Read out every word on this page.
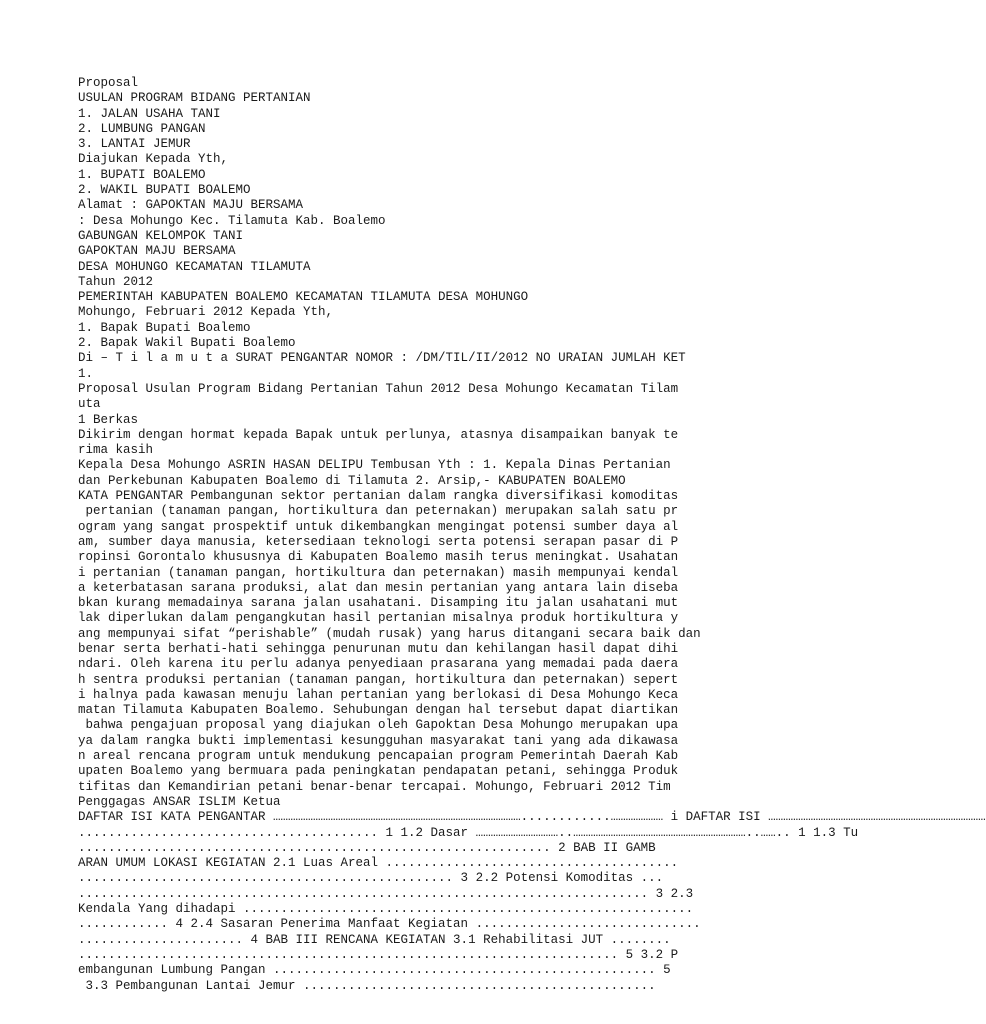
Proposal
USULAN PROGRAM BIDANG PERTANIAN
1. JALAN USAHA TANI
2. LUMBUNG PANGAN
3. LANTAI JEMUR
Diajukan Kepada Yth,
1. BUPATI BOALEMO
2. WAKIL BUPATI BOALEMO
Alamat : GAPOKTAN MAJU BERSAMA
: Desa Mohungo Kec. Tilamuta Kab. Boalemo
GABUNGAN KELOMPOK TANI
GAPOKTAN MAJU BERSAMA
DESA MOHUNGO KECAMATAN TILAMUTA
Tahun 2012
PEMERINTAH KABUPATEN BOALEMO KECAMATAN TILAMUTA DESA MOHUNGO
Mohungo, Februari 2012 Kepada Yth,
1. Bapak Bupati Boalemo
2. Bapak Wakil Bupati Boalemo
Di – T i l a m u t a SURAT PENGANTAR NOMOR : /DM/TIL/II/2012 NO URAIAN JUMLAH KET
1.
Proposal Usulan Program Bidang Pertanian Tahun 2012 Desa Mohungo Kecamatan Tilam
uta
1 Berkas
Dikirim dengan hormat kepada Bapak untuk perlunya, atasnya disampaikan banyak te
rima kasih
Kepala Desa Mohungo ASRIN HASAN DELIPU Tembusan Yth : 1. Kepala Dinas Pertanian
dan Perkebunan Kabupaten Boalemo di Tilamuta 2. Arsip,- KABUPATEN BOALEMO
KATA PENGANTAR Pembangunan sektor pertanian dalam rangka diversifikasi komoditas
pertanian (tanaman pangan, hortikultura dan peternakan) merupakan salah satu pr
ogram yang sangat prospektif untuk dikembangkan mengingat potensi sumber daya al
am, sumber daya manusia, ketersediaan teknologi serta potensi serapan pasar di P
ropinsi Gorontalo khususnya di Kabupaten Boalemo masih terus meningkat. Usahatan
i pertanian (tanaman pangan, hortikultura dan peternakan) masih mempunyai kendal
a keterbatasan sarana produksi, alat dan mesin pertanian yang antara lain diseba
bkan kurang memadainya sarana jalan usahatani. Disamping itu jalan usahatani mut
lak diperlukan dalam pengangkutan hasil pertanian misalnya produk hortikultura y
ang mempunyai sifat “perishable” (mudah rusak) yang harus ditangani secara baik dan
benar serta berhati-hati sehingga penurunan mutu dan kehilangan hasil dapat dihi
ndari. Oleh karena itu perlu adanya penyediaan prasarana yang memadai pada daera
h sentra produksi pertanian (tanaman pangan, hortikultura dan peternakan) sepert
i halnya pada kawasan menuju lahan pertanian yang berlokasi di Desa Mohungo Keca
matan Tilamuta Kabupaten Boalemo. Sehubungan dengan hal tersebut dapat diartikan
bahwa pengajuan proposal yang diajukan oleh Gapoktan Desa Mohungo merupakan upa
ya dalam rangka bukti implementasi kesungguhan masyarakat tani yang ada dikawasa
n areal rencana program untuk mendukung pencapaian program Pemerintah Daerah Kab
upaten Boalemo yang bermuara pada peningkatan pendapatan petani, sehingga Produk
tifitas dan Kemandirian petani benar-benar tercapai. Mohungo, Februari 2012 Tim
Penggagas ANSAR ISLIM Ketua
DAFTAR ISI KATA PENGANTAR ………………………………………………………………………………………............………………… i DAFTAR ISI ……………………………………………………………………………
........................................ 1 1.2 Dasar ……………………………..……………………………………………………………..…….. 1 1.3 Tu
............................................................... 2 BAB II GAMB
ARAN UMUM LOKASI KEGIATAN 2.1 Luas Areal .......................................
.................................................. 3 2.2 Potensi Komoditas ...
............................................................................ 3 2.3
Kendala Yang dihadapi ............................................................
............ 4 2.4 Sasaran Penerima Manfaat Kegiatan ..............................
...................... 4 BAB III RENCANA KEGIATAN 3.1 Rehabilitasi JUT ........
........................................................................ 5 3.2 P
embangunan Lumbung Pangan ................................................... 5
3.3 Pembangunan Lantai Jemur ...............................................
